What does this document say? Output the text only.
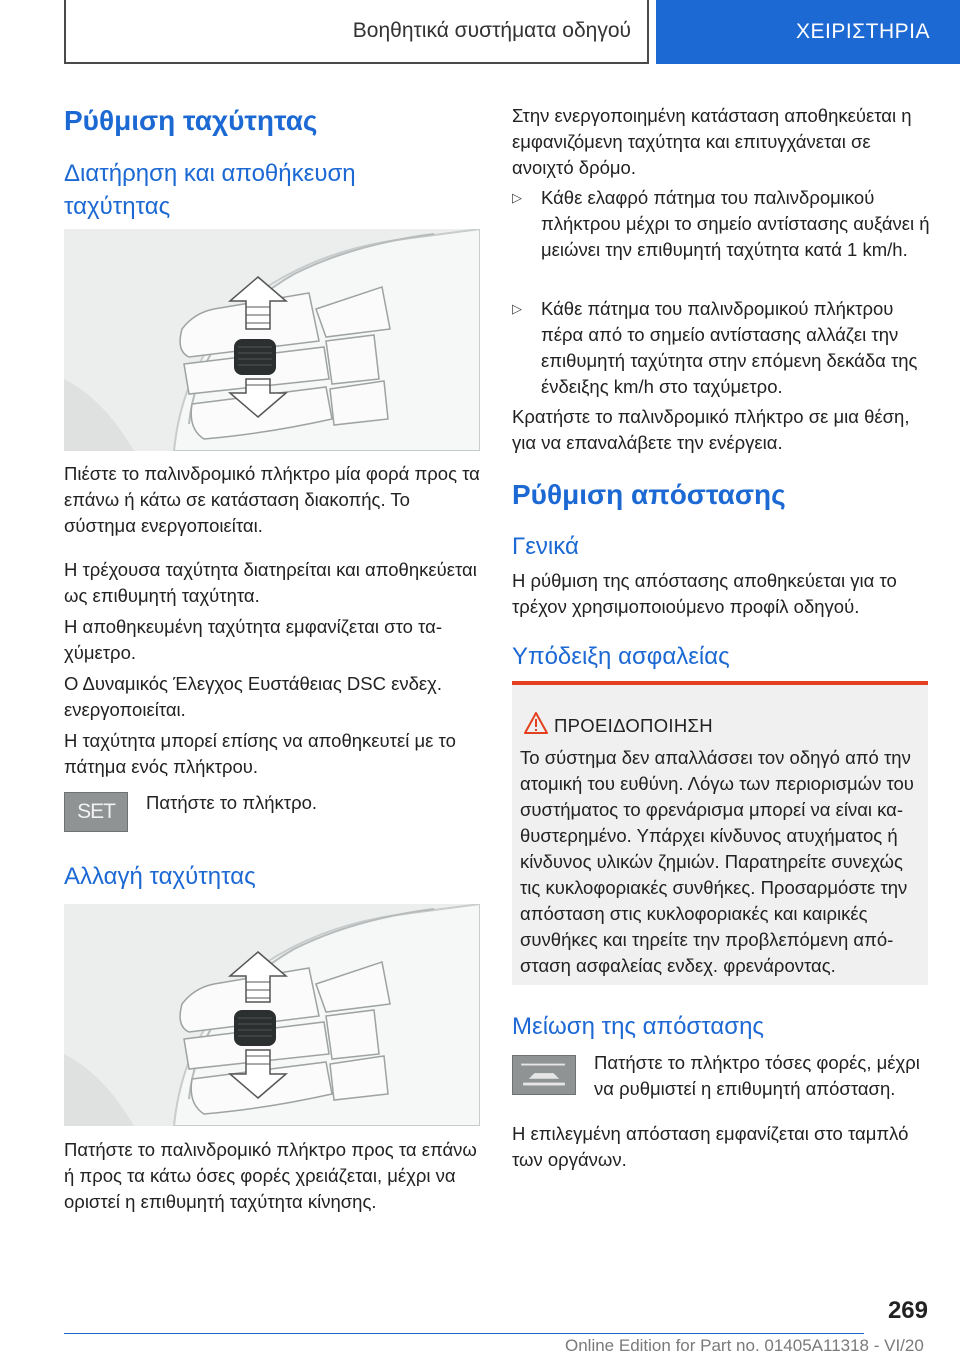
Βοηθητικά συστήματα οδηγού	ΧΕΙΡΙΣΤΗΡΙΑ
Ρύθμιση ταχύτητας
Διατήρηση και αποθήκευση
ταχύτητας

Πιέστε το παλινδρομικό πλήκτρο μία φορά προς τα επάνω ή κάτω σε κατάσταση διακοπής. Το σύστημα ενεργοποιείται.

Η τρέχουσα ταχύτητα διατηρείται και αποθηκεύεται ως επιθυμητή ταχύτητα.

Η αποθηκευμένη ταχύτητα εμφανίζεται στο ταχύμετρο.

Ο Δυναμικός Έλεγχος Ευστάθειας DSC ενδεχ. ενεργοποιείται.

Η ταχύτητα μπορεί επίσης να αποθηκευτεί με το πάτημα ενός πλήκτρου.

SET Πατήστε το πλήκτρο.

Αλλαγή ταχύτητας

Πατήστε το παλινδρομικό πλήκτρο προς τα επάνω ή προς τα κάτω όσες φορές χρειάζεται, μέχρι να οριστεί η επιθυμητή ταχύτητα κίνησης.

Στην ενεργοποιημένη κατάσταση αποθηκεύεται η εμφανιζόμενη ταχύτητα και επιτυγχάνεται σε ανοιχτό δρόμο.

▷	Κάθε ελαφρό πάτημα του παλινδρομικού πλήκτρου μέχρι το σημείο αντίστασης αυξάνει ή μειώνει την επιθυμητή ταχύτητα κατά 1 km/h.
▷	Κάθε πάτημα του παλινδρομικού πλήκτρου πέρα από το σημείο αντίστασης αλλάζει την επιθυμητή ταχύτητα στην επόμενη δεκάδα της ένδειξης km/h στο ταχύμετρο.

Κρατήστε το παλινδρομικό πλήκτρο σε μια θέση, για να επαναλάβετε την ενέργεια.

Ρύθμιση απόστασης
Γενικά

Η ρύθμιση της απόστασης αποθηκεύεται για το τρέχον χρησιμοποιούμενο προφίλ οδηγού.

Υπόδειξη ασφαλείας
ΠΡΟΕΙΔΟΠΟΙΗΣΗ
Το σύστημα δεν απαλλάσσει τον οδηγό από την ατομική του ευθύνη. Λόγω των περιορισμών του συστήματος το φρενάρισμα μπορεί να είναι καθυστερημένο. Υπάρχει κίνδυνος ατυχήματος ή κίνδυνος υλικών ζημιών. Παρατηρείτε συνεχώς τις κυκλοφοριακές συνθήκες. Προσαρμόστε την απόσταση στις κυκλοφοριακές και καιρικές συνθήκες και τηρείτε την προβλεπόμενη απόσταση ασφαλείας ενδεχ. φρενάροντας.
Μείωση της απόστασης

Πατήστε το πλήκτρο τόσες φορές, μέχρι να ρυθμιστεί η επιθυμητή απόσταση.

Η επιλεγμένη απόσταση εμφανίζεται στο ταμπλό των οργάνων.

269
Online Edition for Part no. 01405A11318 - VI/20
